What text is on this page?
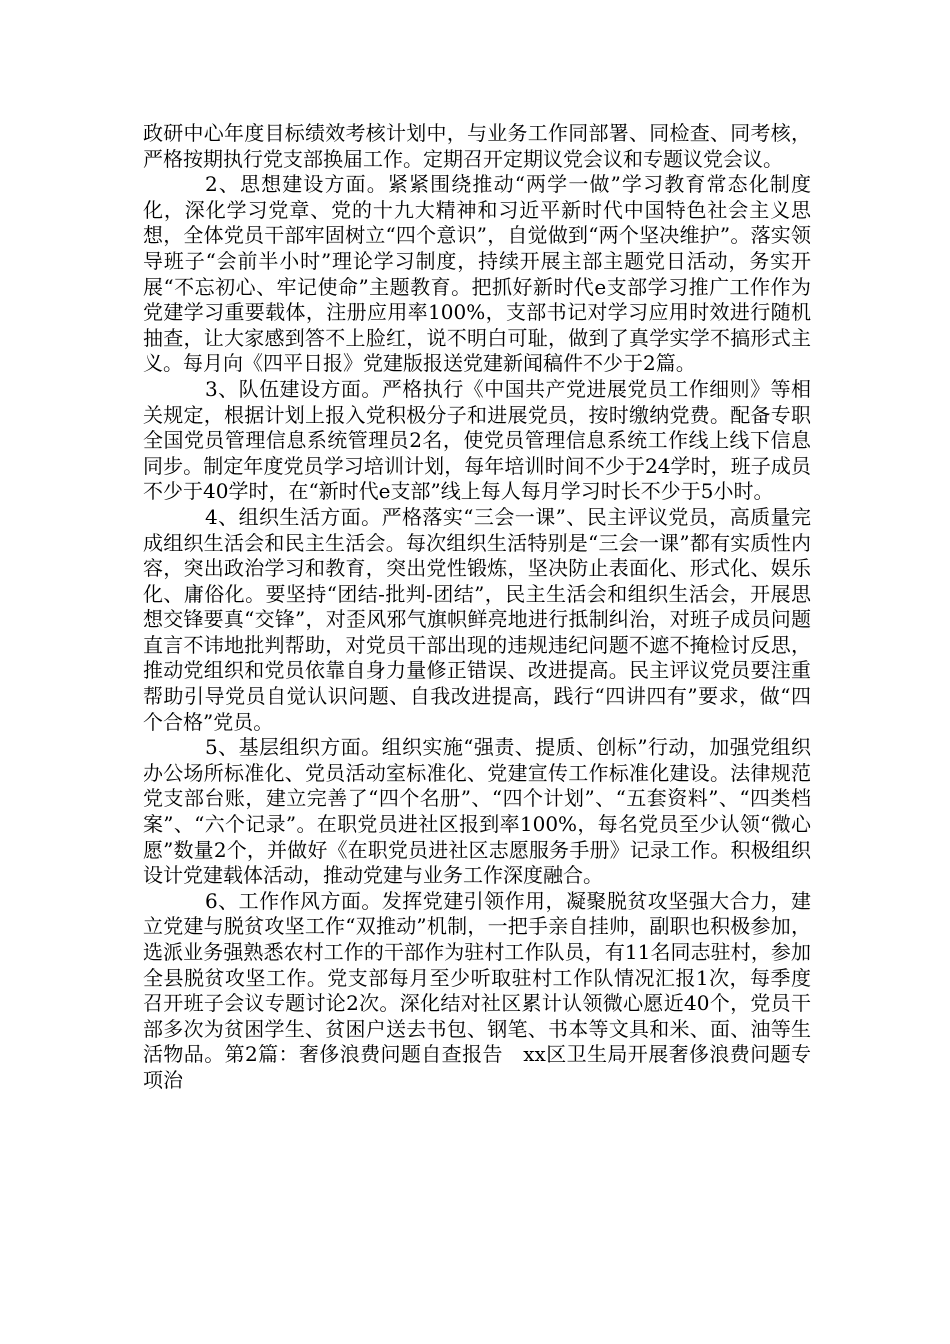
政研中心年度目标绩效考核计划中，与业务工作同部署、同检查、同考核，严格按期执行党支部换届工作。定期召开定期议党会议和专题议党会议。

2、思想建设方面。紧紧围绕推动“两学一做”学习教育常态化制度化，深化学习党章、党的十九大精神和习近平新时代中国特色社会主义思想，全体党员干部牢固树立“四个意识”，自觉做到“两个坚决维护”。落实领导班子“会前半小时”理论学习制度，持续开展主部主题党日活动，务实开展“不忘初心、牢记使命”主题教育。把抓好新时代e支部学习推广工作作为党建学习重要载体，注册应用率100%，支部书记对学习应用时效进行随机抽查，让大家感到答不上脸红，说不明白可耻，做到了真学实学不搞形式主义。每月向《四平日报》党建版报送党建新闻稿件不少于2篇。

3、队伍建设方面。严格执行《中国共产党进展党员工作细则》等相关规定，根据计划上报入党积极分子和进展党员，按时缴纳党费。配备专职全国党员管理信息系统管理员2名，使党员管理信息系统工作线上线下信息同步。制定年度党员学习培训计划，每年培训时间不少于24学时，班子成员不少于40学时，在“新时代e支部”线上每人每月学习时长不少于5小时。

4、组织生活方面。严格落实“三会一课”、民主评议党员，高质量完成组织生活会和民主生活会。每次组织生活特别是“三会一课”都有实质性内容，突出政治学习和教育，突出党性锻炼，坚决防止表面化、形式化、娱乐化、庸俗化。要坚持“团结-批判-团结”，民主生活会和组织生活会，开展思想交锋要真“交锋”，对歪风邪气旗帜鲜亮地进行抵制纠治，对班子成员问题直言不讳地批判帮助，对党员干部出现的违规违纪问题不遮不掩检讨反思，推动党组织和党员依靠自身力量修正错误、改进提高。民主评议党员要注重帮助引导党员自觉认识问题、自我改进提高，践行“四讲四有”要求，做“四个合格”党员。

5、基层组织方面。组织实施“强责、提质、创标”行动，加强党组织办公场所标准化、党员活动室标准化、党建宣传工作标准化建设。法律规范党支部台账，建立完善了“四个名册”、“四个计划”、“五套资料”、“四类档案”、“六个记录”。在职党员进社区报到率100%，每名党员至少认领“微心愿”数量2个，并做好《在职党员进社区志愿服务手册》记录工作。积极组织设计党建载体活动，推动党建与业务工作深度融合。

6、工作作风方面。发挥党建引领作用，凝聚脱贫攻坚强大合力，建立党建与脱贫攻坚工作“双推动”机制，一把手亲自挂帅，副职也积极参加，选派业务强熟悉农村工作的干部作为驻村工作队员，有11名同志驻村，参加全县脱贫攻坚工作。党支部每月至少听取驻村工作队情况汇报1次，每季度召开班子会议专题讨论2次。深化结对社区累计认领微心愿近40个，党员干部多次为贫困学生、贫困户送去书包、钢笔、书本等文具和米、面、油等生活物品。第2篇：奢侈浪费问题自查报告　xx区卫生局开展奢侈浪费问题专项治
